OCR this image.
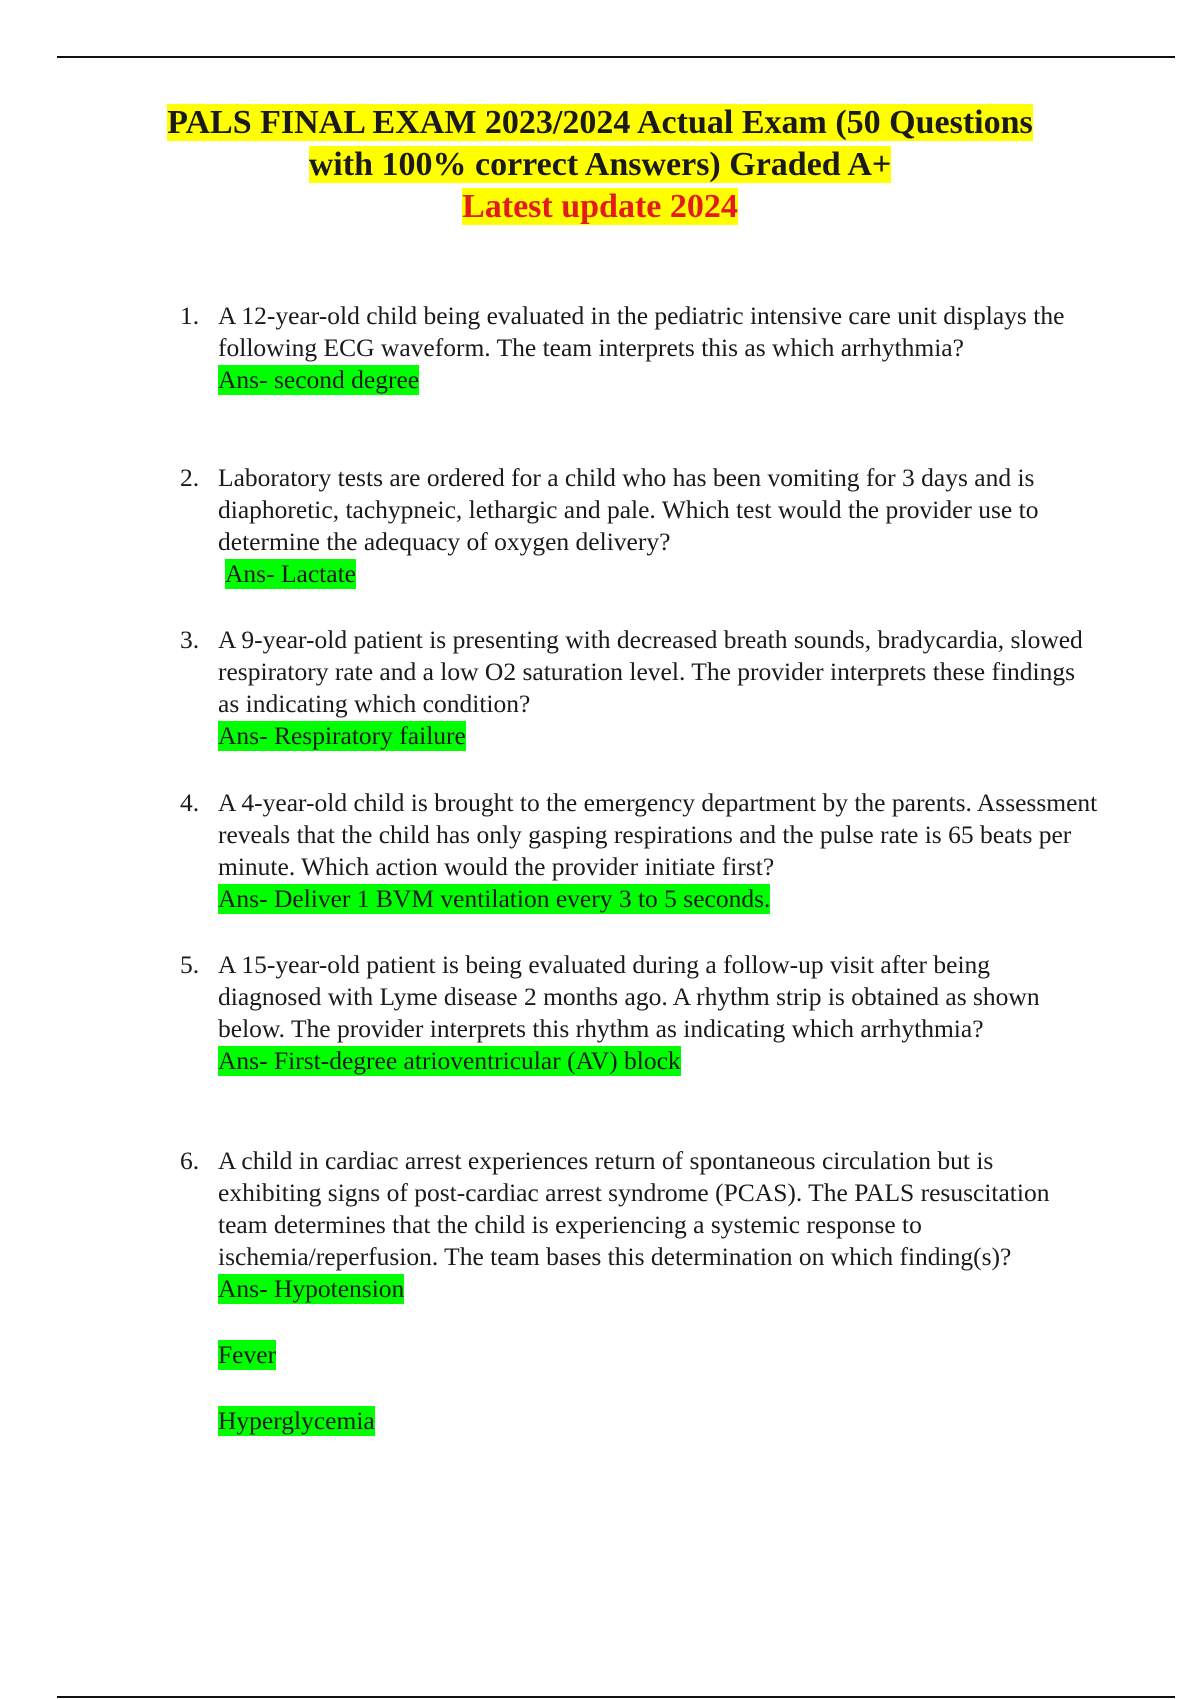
PALS FINAL EXAM 2023/2024 Actual Exam (50 Questions
with 100% correct Answers) Graded A+
Latest update 2024
1. A 12-year-old child being evaluated in the pediatric intensive care unit displays the following ECG waveform. The team interprets this as which arrhythmia?
Ans- second degree
2. Laboratory tests are ordered for a child who has been vomiting for 3 days and is diaphoretic, tachypneic, lethargic and pale. Which test would the provider use to determine the adequacy of oxygen delivery?
Ans- Lactate
3. A 9-year-old patient is presenting with decreased breath sounds, bradycardia, slowed respiratory rate and a low O2 saturation level. The provider interprets these findings as indicating which condition?
Ans- Respiratory failure
4. A 4-year-old child is brought to the emergency department by the parents. Assessment reveals that the child has only gasping respirations and the pulse rate is 65 beats per minute. Which action would the provider initiate first?
Ans- Deliver 1 BVM ventilation every 3 to 5 seconds.
5. A 15-year-old patient is being evaluated during a follow-up visit after being diagnosed with Lyme disease 2 months ago. A rhythm strip is obtained as shown below. The provider interprets this rhythm as indicating which arrhythmia?
Ans- First-degree atrioventricular (AV) block
6. A child in cardiac arrest experiences return of spontaneous circulation but is exhibiting signs of post-cardiac arrest syndrome (PCAS). The PALS resuscitation team determines that the child is experiencing a systemic response to ischemia/reperfusion. The team bases this determination on which finding(s)?
Ans- Hypotension
Fever
Hyperglycemia
